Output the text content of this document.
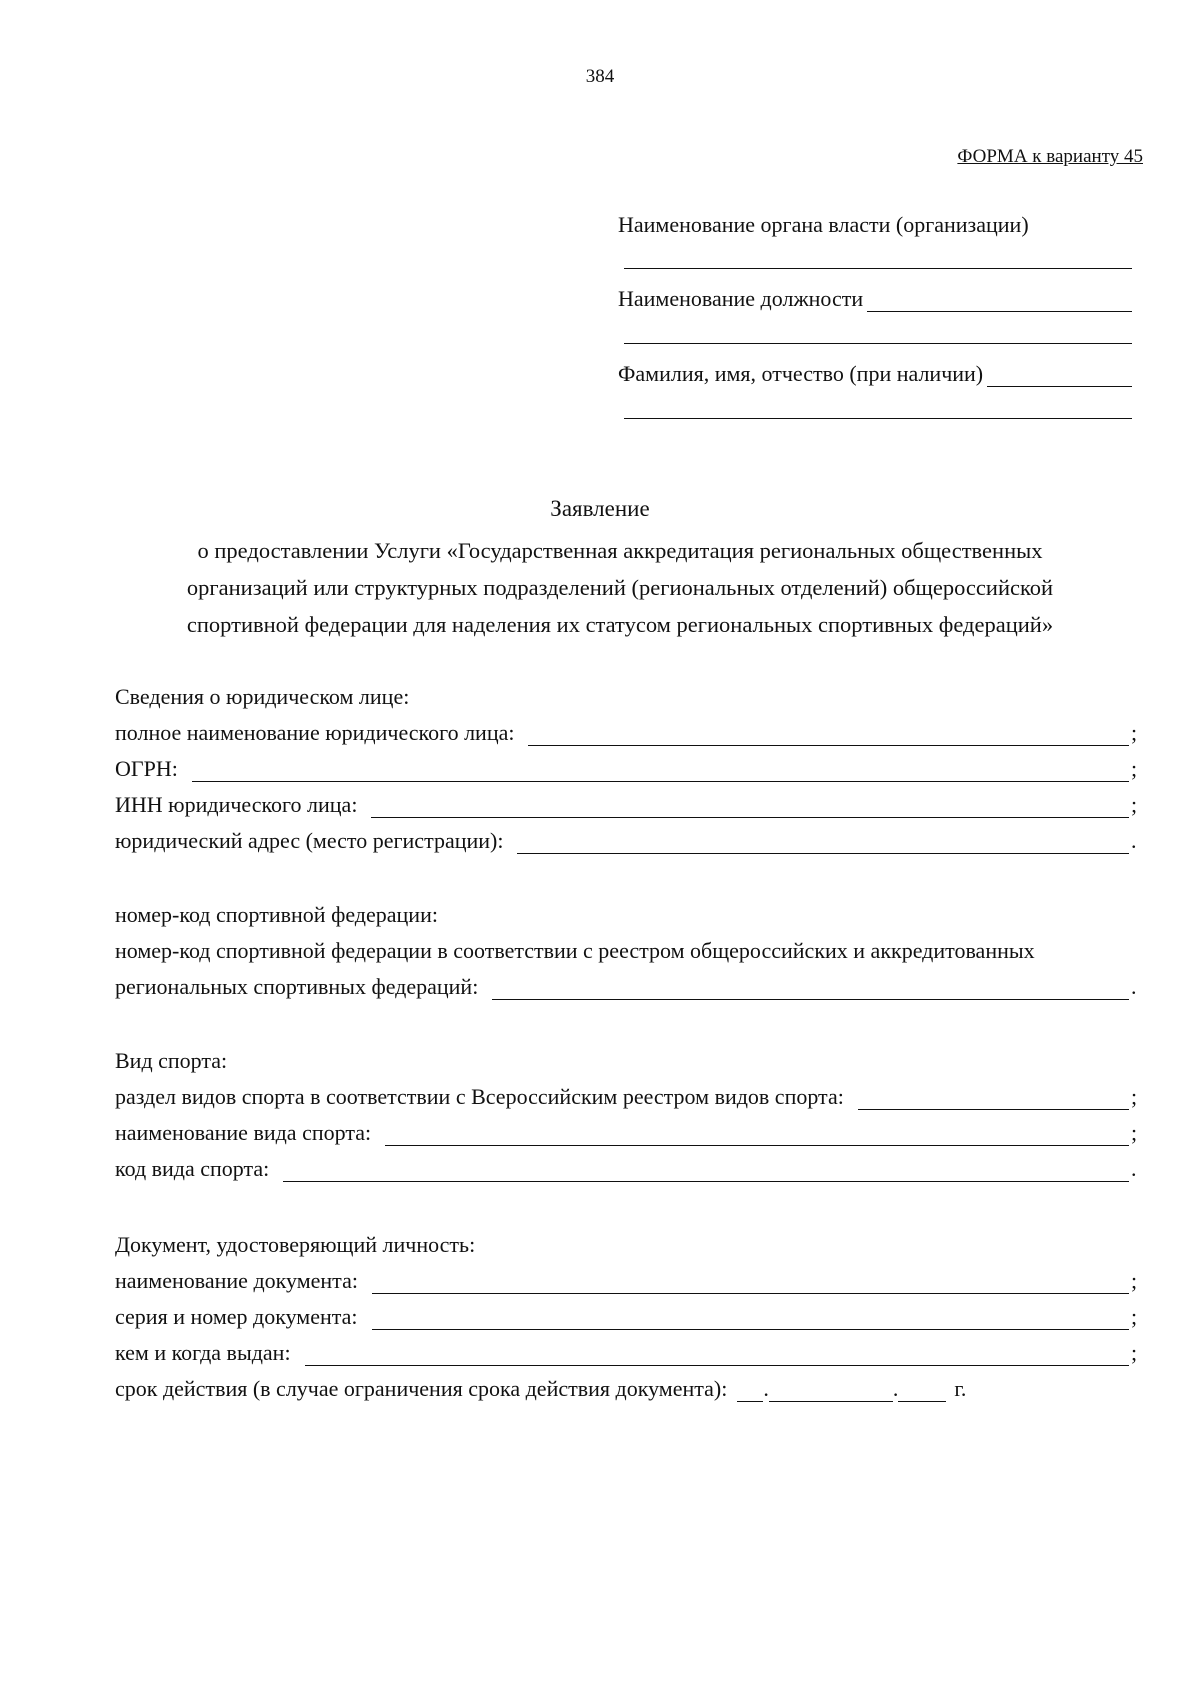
384
ФОРМА к варианту 45
Наименование органа власти (организации)
Наименование должности
Фамилия, имя, отчество (при наличии)
Заявление
о предоставлении Услуги «Государственная аккредитация региональных общественных
организаций или структурных подразделений (региональных отделений) общероссийской
спортивной федерации для наделения их статусом региональных спортивных федераций»
Сведения о юридическом лице:
полное наименование юридического лица:	;
ОГРН:	;
ИНН юридического лица:	;
юридический адрес (место регистрации):	.
номер-код спортивной федерации:
номер-код спортивной федерации в соответствии с реестром общероссийских и аккредитованных
региональных спортивных федераций:	.
Вид спорта:
раздел видов спорта в соответствии с Всероссийским реестром видов спорта:	;
наименование вида спорта:	;
код вида спорта:	.
Документ, удостоверяющий личность:
наименование документа:	;
серия и номер документа:	;
кем и когда выдан:	;
срок действия (в случае ограничения срока действия документа): .	.	г.
